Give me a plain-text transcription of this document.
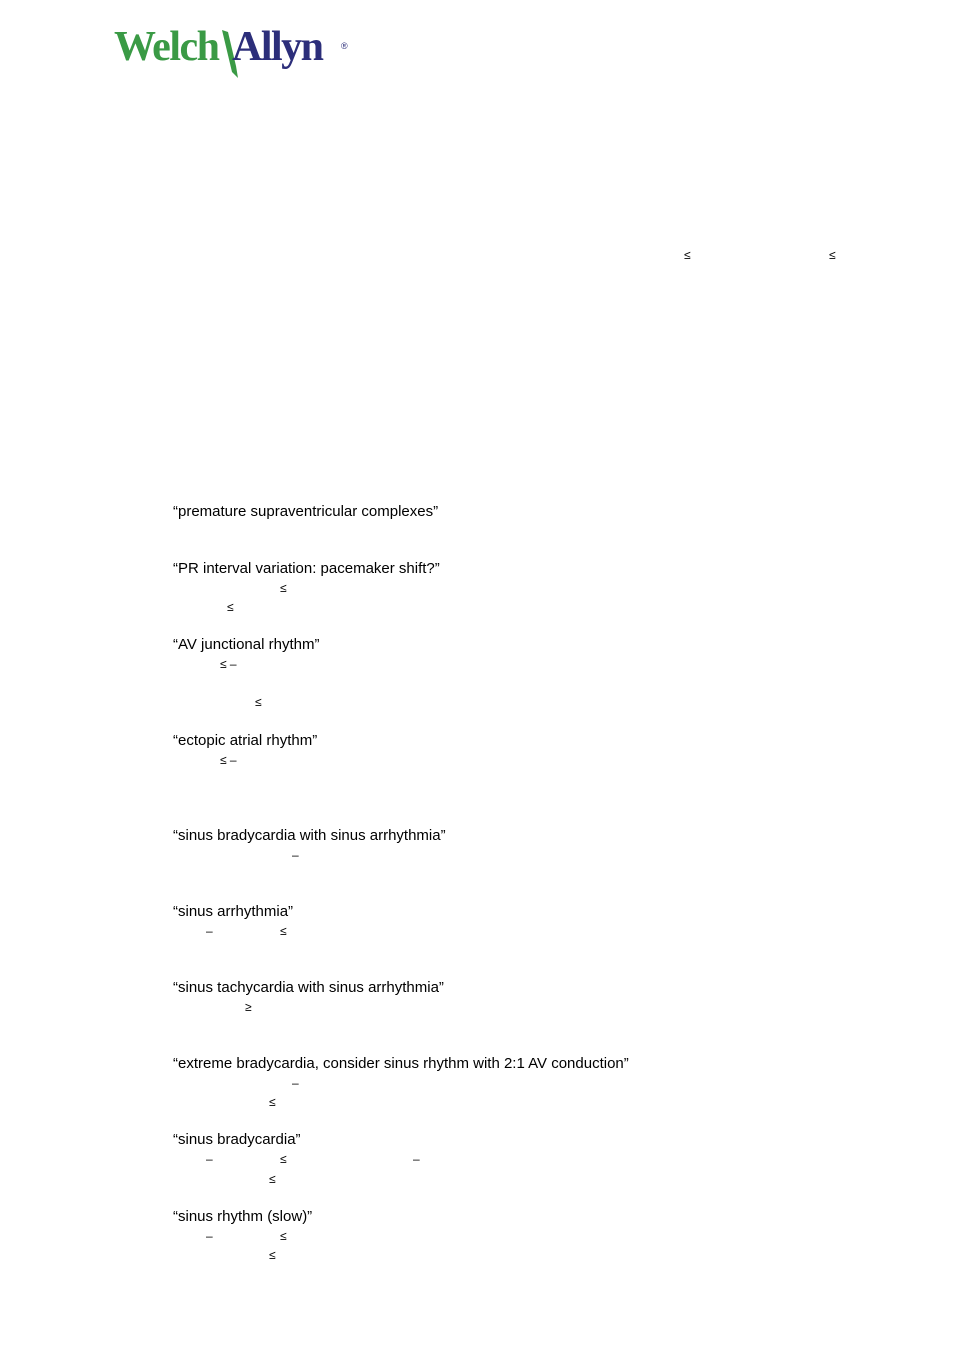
Welch Allyn ®
≤	≤
“premature supraventricular complexes”
“PR interval variation: pacemaker shift?”
≤
≤
“AV junctional rhythm”
≤ –
≤
“ectopic atrial rhythm”
≤ –
“sinus bradycardia with sinus arrhythmia”
–
“sinus arrhythmia”
–	≤
“sinus tachycardia with sinus arrhythmia”
≥
“extreme bradycardia, consider sinus rhythm with 2:1 AV conduction”
–
≤
“sinus bradycardia”
–	≤	–
≤
“sinus rhythm (slow)”
–	≤
≤
